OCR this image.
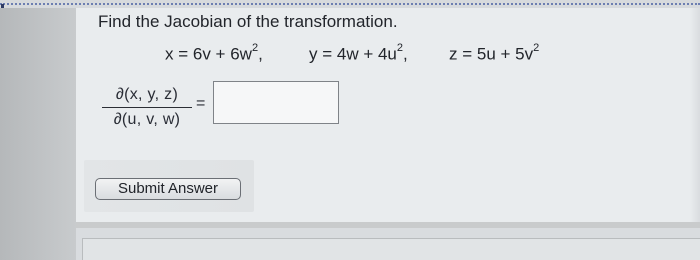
Find the Jacobian of the transformation.
$x = 6v + 6w^2$,	$y = 4w + 4u^2$, $z = 5u + 5v^2$
∂(x, y, z)
∂(u, v, w)
=
Submit Answer
